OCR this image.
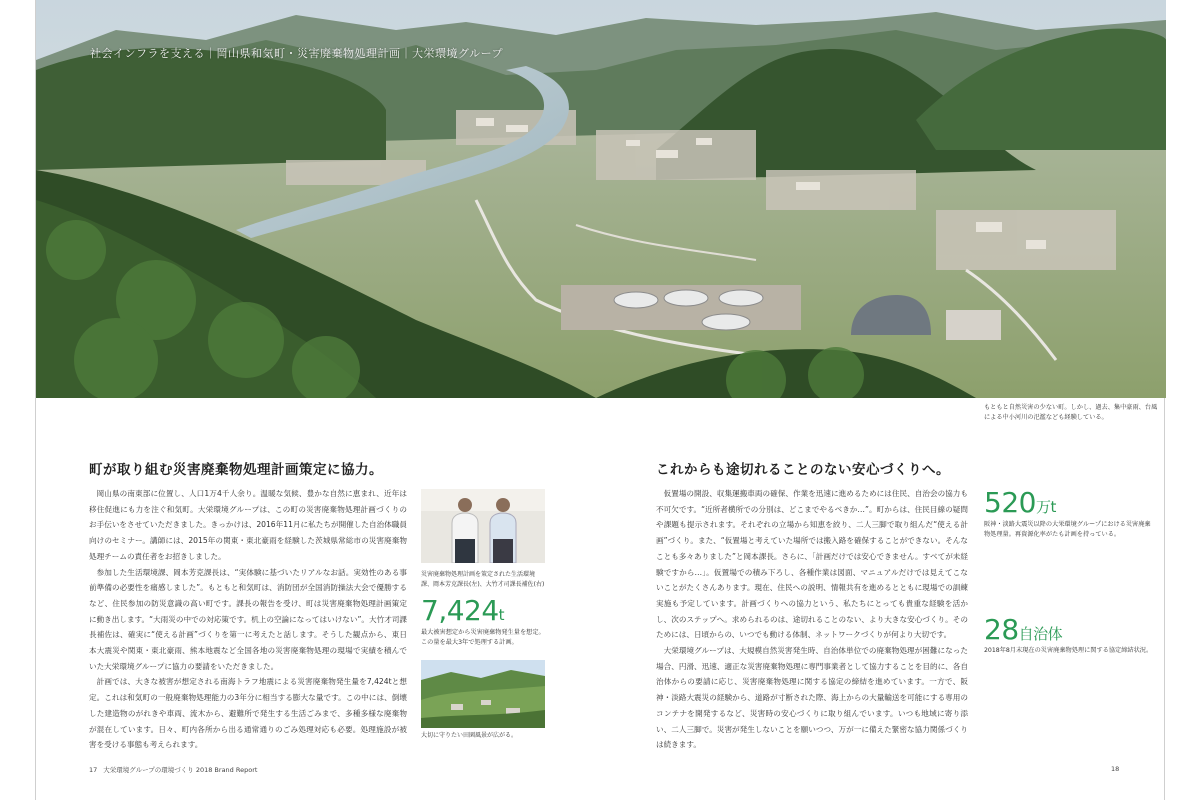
社会インフラを支える｜岡山県和気町・災害廃棄物処理計画｜大栄環境グループ
もともと自然災害の少ない町。しかし、過去、集中豪雨、台風による中小河川の氾濫なども経験している。
町が取り組む災害廃棄物処理計画策定に協力。

岡山県の南東部に位置し、人口1万4千人余り。温暖な気候、豊かな自然に恵まれ、近年は移住促進にも力を注ぐ和気町。大栄環境グループは、この町の災害廃棄物処理計画づくりのお手伝いをさせていただきました。きっかけは、2016年11月に私たちが開催した自治体職員向けのセミナー。講師には、2015年の関東・東北豪雨を経験した茨城県常総市の災害廃棄物処理チームの責任者をお招きしました。

参加した生活環境課、岡本芳克課長は、“実体験に基づいたリアルなお話。実効性のある事前準備の必要性を痛感しました”。もともと和気町は、消防団が全国消防操法大会で優勝するなど、住民参加の防災意識の高い町です。課長の報告を受け、町は災害廃棄物処理計画策定に動き出します。“大雨災の中での対応策です。机上の空論になってはいけない”。大竹才司課長補佐は、確実に“使える計画”づくりを第一に考えたと話します。そうした観点から、東日本大震災や関東・東北豪雨、熊本地震など全国各地の災害廃棄物処理の現場で実績を積んでいた大栄環境グループに協力の要請をいただきました。

計画では、大きな被害が想定される南海トラフ地震による災害廃棄物発生量を7,424tと想定。これは和気町の一般廃棄物処理能力の3年分に相当する膨大な量です。この中には、倒壊した建造物のがれきや車両、流木から、避難所で発生する生活ごみまで、多種多様な廃棄物が混在しています。日々、町内各所から出る通常通りのごみ処理対応も必要。処理施設が被害を受ける事態も考えられます。

災害廃棄物処理計画を策定された生活環境課、岡本芳克課長(左)、大竹才司課長補佐(右)
7,424t
最大被害想定から災害廃棄物発生量を想定。この量を最大3年で処理する計画。
大切に守りたい田園風景が広がる。
これからも途切れることのない安心づくりへ。

仮置場の開設、収集運搬車両の確保、作業を迅速に進めるためには住民、自治会の協力も不可欠です。“近所者横所での分別は、どこまでやるべきか…”。町からは、住民目線の疑問や課題も提示されます。それぞれの立場から知恵を絞り、二人三脚で取り組んだ“使える計画”づくり。また、“仮置場と考えていた場所では搬入路を確保することができない。そんなことも多々ありました”と岡本課長。さらに、「計画だけでは安心できません。すべてが未経験ですから…」。仮置場での積み下ろし、各種作業は図面、マニュアルだけでは見えてこないことがたくさんあります。現在、住民への説明、情報共有を進めるとともに現場での訓練実施も予定しています。計画づくりへの協力という、私たちにとっても貴重な経験を活かし、次のステップへ。求められるのは、途切れることのない、より大きな安心づくり。そのためには、日頃からの、いつでも動ける体制、ネットワークづくりが何より大切です。

大栄環境グループは、大規模自然災害発生時、自治体単位での廃棄物処理が困難になった場合、円滑、迅速、適正な災害廃棄物処理に専門事業者として協力することを目的に、各自治体からの要請に応じ、災害廃棄物処理に関する協定の締結を進めています。一方で、阪神・淡路大震災の経験から、道路が寸断された際、海上からの大量輸送を可能にする専用のコンテナを開発するなど、災害時の安心づくりに取り組んでいます。いつも地域に寄り添い、二人三脚で。災害が発生しないことを願いつつ、万が一に備えた緊密な協力関係づくりは続きます。

520万t
阪神・淡路大震災以降の大栄環境グループにおける災害廃棄物処理量。再資源化率がたも計画を持っている。
28自治体
2018年8月末現在の災害廃棄物処理に関する協定締結状況。
17 大栄環境グループの環境づくり 2018 Brand Report	18
